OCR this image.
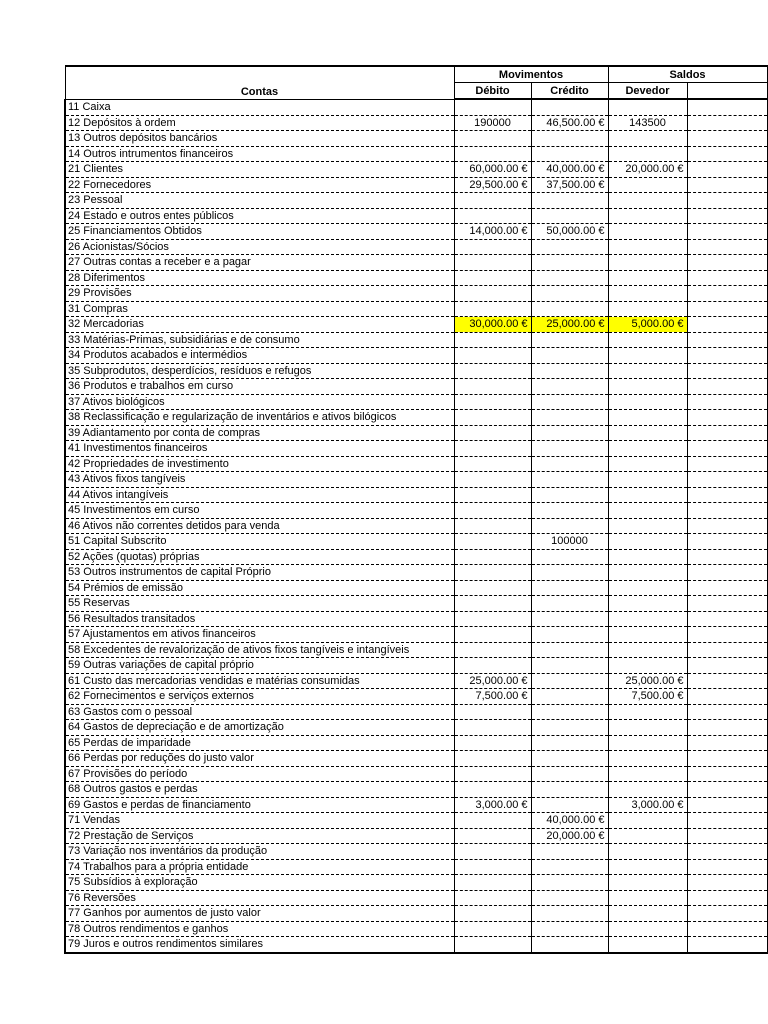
Contas	Movimentos		Saldos	
	Débito	Crédito	Devedor	
11 Caixa				
12 Depósitos à ordem	190000	46,500.00 €	143500	
13 Outros depósitos bancários				
14 Outros intrumentos financeiros				
21 Clientes	60,000.00 €	40,000.00 €	20,000.00 €	
22 Fornecedores	29,500.00 €	37,500.00 €		
23 Pessoal				
24 Estado e outros entes públicos				
25 Financiamentos Obtidos	14,000.00 €	50,000.00 €		
26 Acionistas/Sócios				
27 Outras contas a receber e a pagar				
28 Diferimentos				
29 Provisões				
31 Compras				
32 Mercadorias	30,000.00 €	25,000.00 €	5,000.00 €	
33 Matérias-Primas, subsidiárias e de consumo				
34 Produtos acabados e intermédios				
35 Subprodutos, desperdícios, resíduos e refugos				
36 Produtos e trabalhos em curso				
37 Ativos biológicos				
38 Reclassificação e regularização de inventários e ativos bilógicos				
39 Adiantamento por conta de compras				
41 Investimentos financeiros				
42 Propriedades de investimento				
43 Ativos fixos tangíveis				
44 Ativos intangíveis				
45 Investimentos em curso				
46 Ativos não correntes detidos para venda				
51 Capital Subscrito		100000		
52 Ações (quotas) próprias				
53 Outros instrumentos de capital Próprio				
54 Prémios de emissão				
55 Reservas				
56 Resultados transitados				
57 Ajustamentos em ativos financeiros				
58 Excedentes de revalorização de ativos fixos tangíveis e intangíveis				
59 Outras variações de capital próprio				
61 Custo das mercadorias vendidas e matérias consumidas	25,000.00 €		25,000.00 €	
62 Fornecimentos e serviços externos	7,500.00 €		7,500.00 €	
63 Gastos com o pessoal				
64 Gastos de depreciação e de amortização				
65 Perdas de imparidade				
66 Perdas por reduções do justo valor				
67 Provisões do período				
68 Outros gastos e perdas				
69 Gastos e perdas de financiamento	3,000.00 €		3,000.00 €	
71 Vendas		40,000.00 €		
72 Prestação de Serviços		20,000.00 €		
73 Variação nos inventários da produção				
74 Trabalhos para a própria entidade				
75 Subsídios à exploração				
76 Reversões				
77 Ganhos por aumentos de justo valor				
78 Outros rendimentos e ganhos				
79 Juros e outros rendimentos similares				
